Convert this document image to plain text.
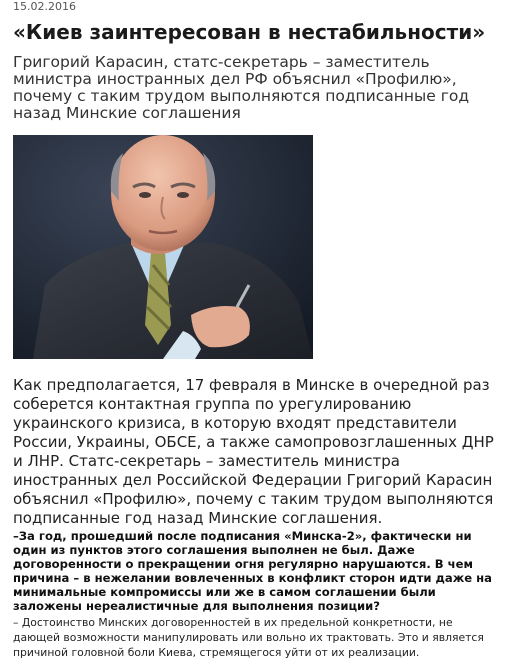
15.02.2016
«Киев заинтересован в нестабильности»

Григорий Карасин, статс-секретарь – заместитель министра иностранных дел РФ объяснил «Профилю», почему с таким трудом выполняются подписанные год назад Минские соглашения

Как предполагается, 17 февраля в Минске в очередной раз соберется контактная группа по урегулированию украинского кризиса, в которую входят представители России, Украины, ОБСЕ, а также самопровозглашенных ДНР и ЛНР. Статс-секретарь – заместитель министра иностранных дел Российской Федерации Григорий Карасин объяснил «Профилю», почему с таким трудом выполняются подписанные год назад Минские соглашения.

–За год, прошедший после подписания «Минска-2», фактически ни один из пунктов этого соглашения выполнен не был. Даже договоренности о прекращении огня регулярно нарушаются. В чем причина – в нежелании вовлеченных в конфликт сторон идти даже на минимальные компромиссы или же в самом соглашении были заложены нереалистичные для выполнения позиции?

– Достоинство Минских договоренностей в их предельной конкретности, не дающей возможности манипулировать или вольно их трактовать. Это и является причиной головной боли Киева, стремящегося уйти от их реализации.
